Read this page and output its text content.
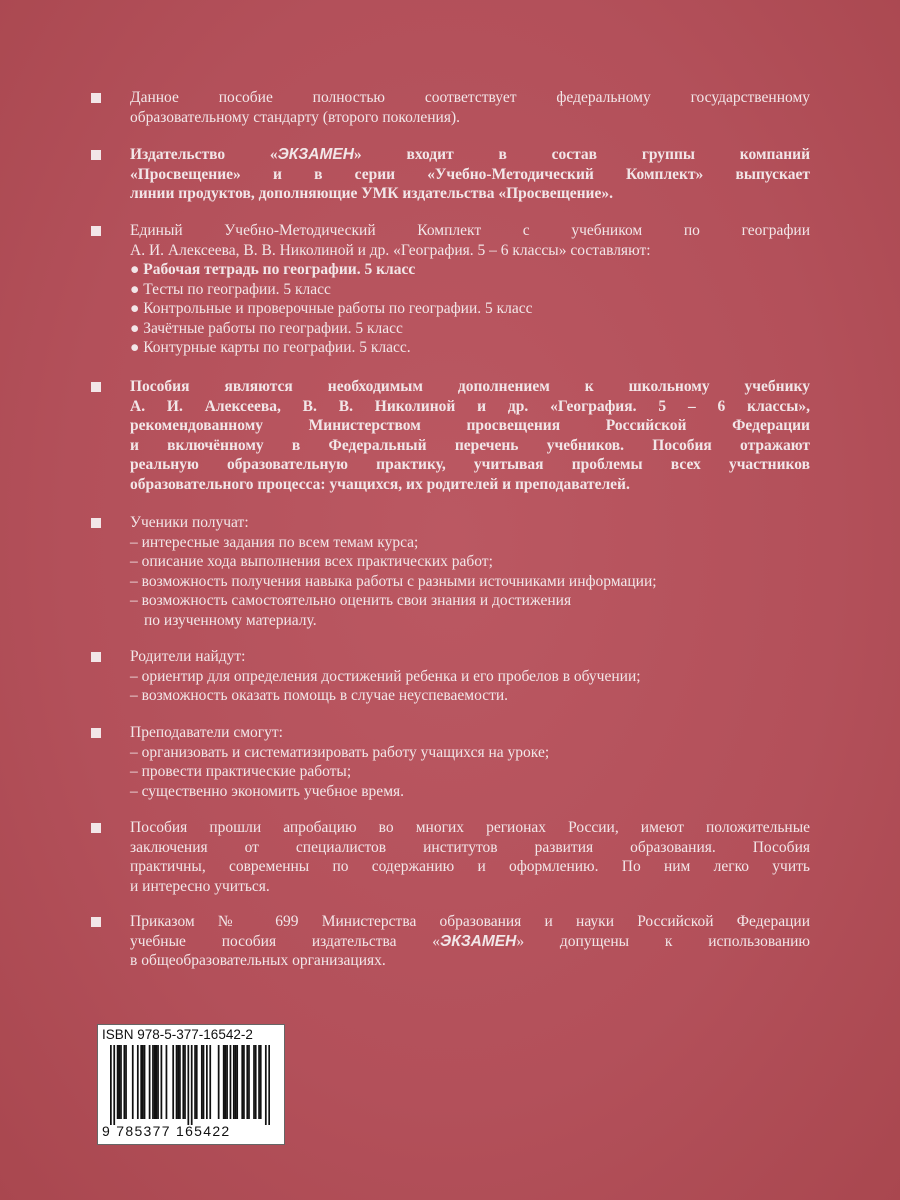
Данное пособие полностью соответствует федеральному государственному
образовательному стандарту (второго поколения).
Издательство «ЭКЗАМЕН» входит в состав группы компаний
«Просвещение» и в серии «Учебно-Методический Комплект» выпускает
линии продуктов, дополняющие УМК издательства «Просвещение».
Единый Учебно-Методический Комплект с учебником по географии
А. И. Алексеева, В. В. Николиной и др. «География. 5 – 6 классы» составляют:
● Рабочая тетрадь по географии. 5 класс
● Тесты по географии. 5 класс
● Контрольные и проверочные работы по географии. 5 класс
● Зачётные работы по географии. 5 класс
● Контурные карты по географии. 5 класс.
Пособия являются необходимым дополнением к школьному учебнику
А. И. Алексеева, В. В. Николиной и др. «География. 5 – 6 классы»,
рекомендованному Министерством просвещения Российской Федерации
и включённому в Федеральный перечень учебников. Пособия отражают
реальную образовательную практику, учитывая проблемы всех участников
образовательного процесса: учащихся, их родителей и преподавателей.
Ученики получат:
– интересные задания по всем темам курса;
– описание хода выполнения всех практических работ;
– возможность получения навыка работы с разными источниками информации;
– возможность самостоятельно оценить свои знания и достижения
по изученному материалу.
Родители найдут:
– ориентир для определения достижений ребенка и его пробелов в обучении;
– возможность оказать помощь в случае неуспеваемости.
Преподаватели смогут:
– организовать и систематизировать работу учащихся на уроке;
– провести практические работы;
– существенно экономить учебное время.
Пособия прошли апробацию во многих регионах России, имеют положительные
заключения от специалистов институтов развития образования. Пособия
практичны, современны по содержанию и оформлению. По ним легко учить
и интересно учиться.
Приказом № 699 Министерства образования и науки Российской Федерации
учебные пособия издательства «ЭКЗАМЕН» допущены к использованию
в общеобразовательных организациях.
ISBN 978-5-377-16542-2
9 785377 165422
